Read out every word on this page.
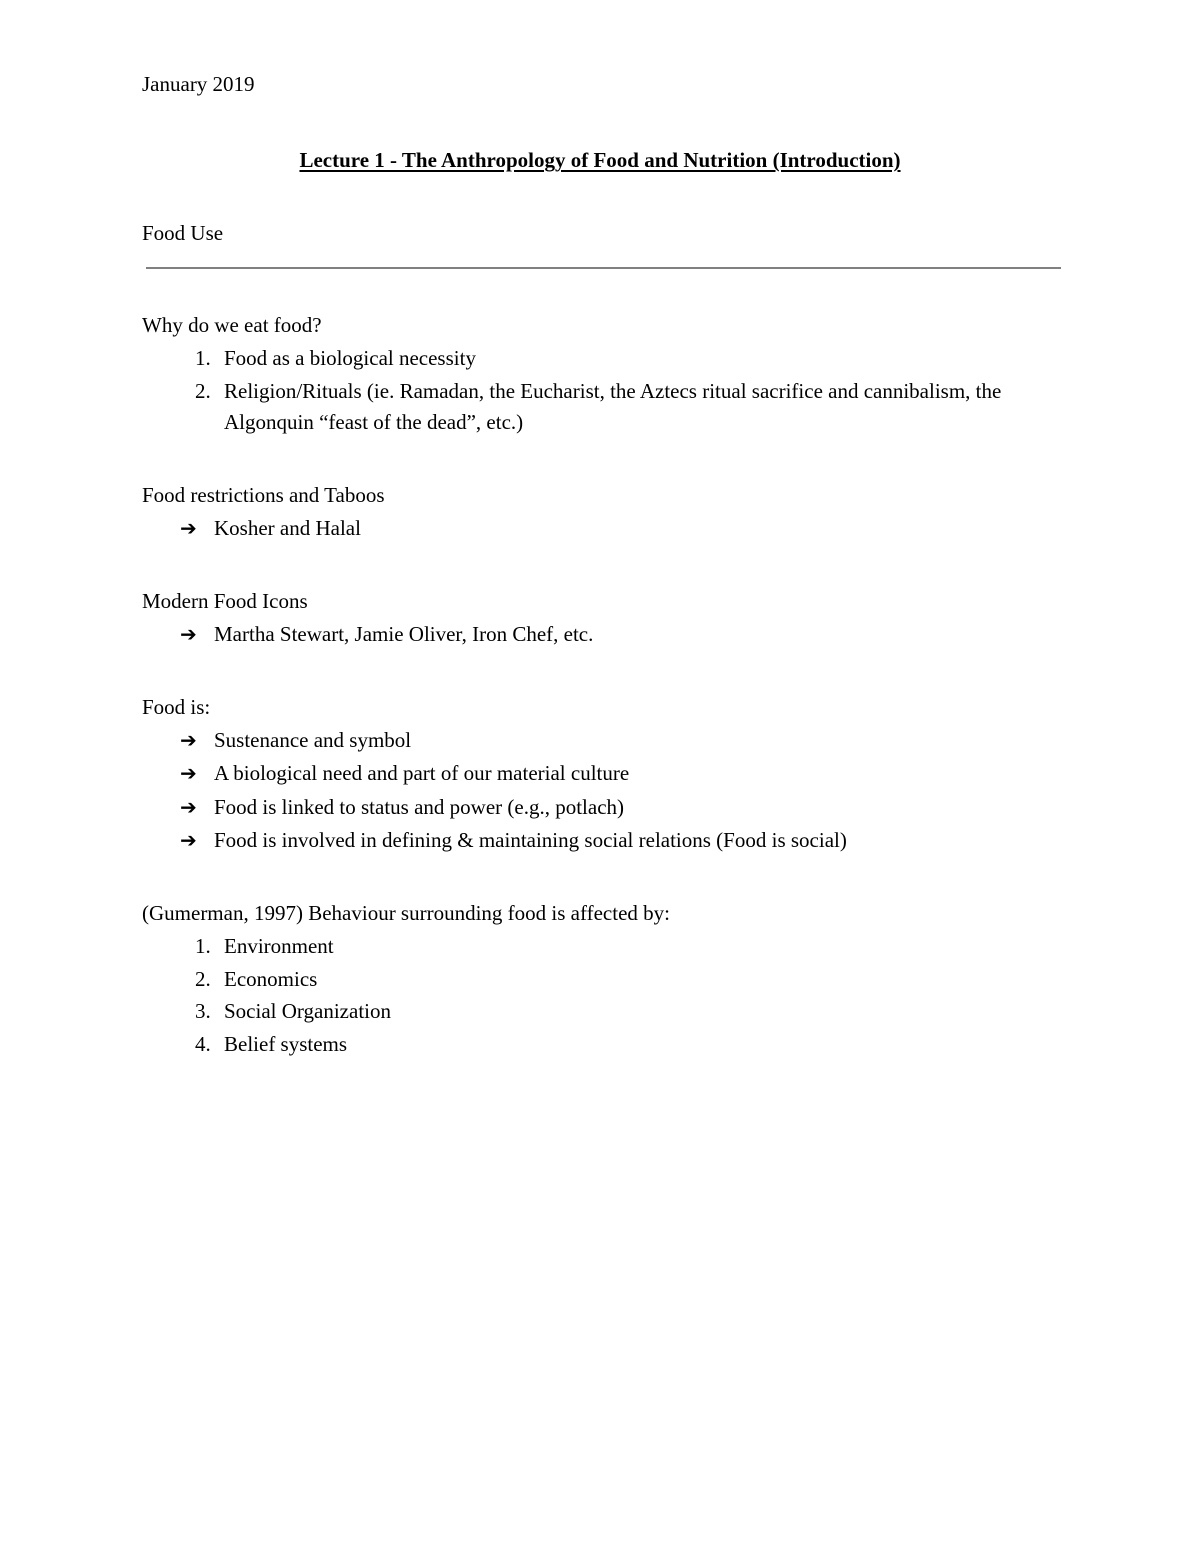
January 2019

Lecture 1 - The Anthropology of Food and Nutrition (Introduction)

Food Use

Why do we eat food?

1. Food as a biological necessity
2. Religion/Rituals (ie. Ramadan, the Eucharist, the Aztecs ritual sacrifice and cannibalism, the Algonquin “feast of the dead”, etc.)

Food restrictions and Taboos

➔ Kosher and Halal

Modern Food Icons

➔ Martha Stewart, Jamie Oliver, Iron Chef, etc.

Food is:

➔ Sustenance and symbol
➔ A biological need and part of our material culture
➔ Food is linked to status and power (e.g., potlach)
➔ Food is involved in defining & maintaining social relations (Food is social)

(Gumerman, 1997) Behaviour surrounding food is affected by:

1. Environment
2. Economics
3. Social Organization
4. Belief systems
